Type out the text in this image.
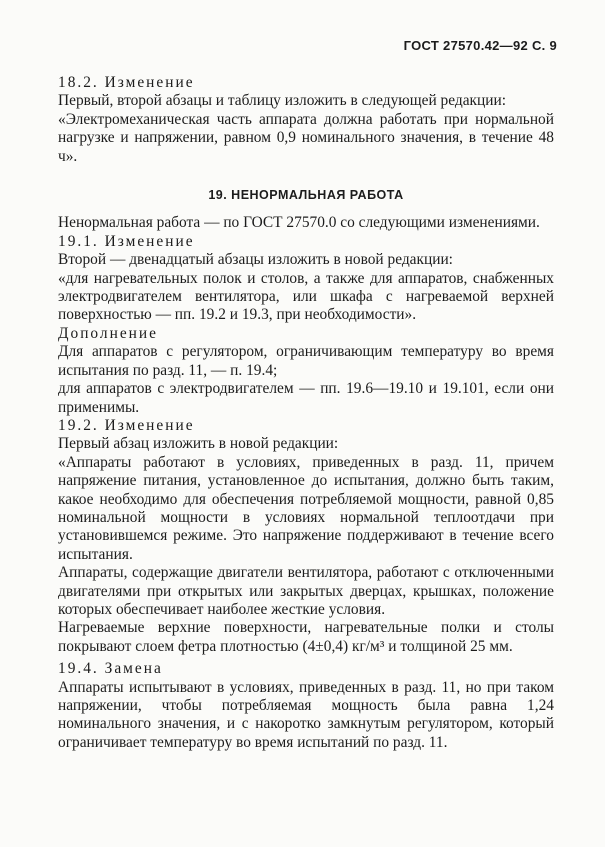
ГОСТ 27570.42—92 С. 9

18.2. Изменение

Первый, второй абзацы и таблицу изложить в следующей редакции:

«Электромеханическая часть аппарата должна работать при нормальной нагрузке и напряжении, равном 0,9 номинального значения, в течение 48 ч».

19. НЕНОРМАЛЬНАЯ РАБОТА

Ненормальная работа — по ГОСТ 27570.0 со следующими изменениями.

19.1. Изменение

Второй — двенадцатый абзацы изложить в новой редакции:

«для нагревательных полок и столов, а также для аппаратов, снабженных электродвигателем вентилятора, или шкафа с нагреваемой верхней поверхностью — пп. 19.2 и 19.3, при необходимости».

Дополнение

Для аппаратов с регулятором, ограничивающим температуру во время испытания по разд. 11, — п. 19.4;

для аппаратов с электродвигателем — пп. 19.6—19.10 и 19.101, если они применимы.

19.2. Изменение

Первый абзац изложить в новой редакции:

«Аппараты работают в условиях, приведенных в разд. 11, причем напряжение питания, установленное до испытания, должно быть таким, какое необходимо для обеспечения потребляемой мощности, равной 0,85 номинальной мощности в условиях нормальной теплоотдачи при установившемся режиме. Это напряжение поддерживают в течение всего испытания.

Аппараты, содержащие двигатели вентилятора, работают с отключенными двигателями при открытых или закрытых дверцах, крышках, положение которых обеспечивает наиболее жесткие условия.

Нагреваемые верхние поверхности, нагревательные полки и столы покрывают слоем фетра плотностью (4±0,4) кг/м³ и толщиной 25 мм.

19.4. Замена

Аппараты испытывают в условиях, приведенных в разд. 11, но при таком напряжении, чтобы потребляемая мощность была равна 1,24 номинального значения, и с накоротко замкнутым регулятором, который ограничивает температуру во время испытаний по разд. 11.
